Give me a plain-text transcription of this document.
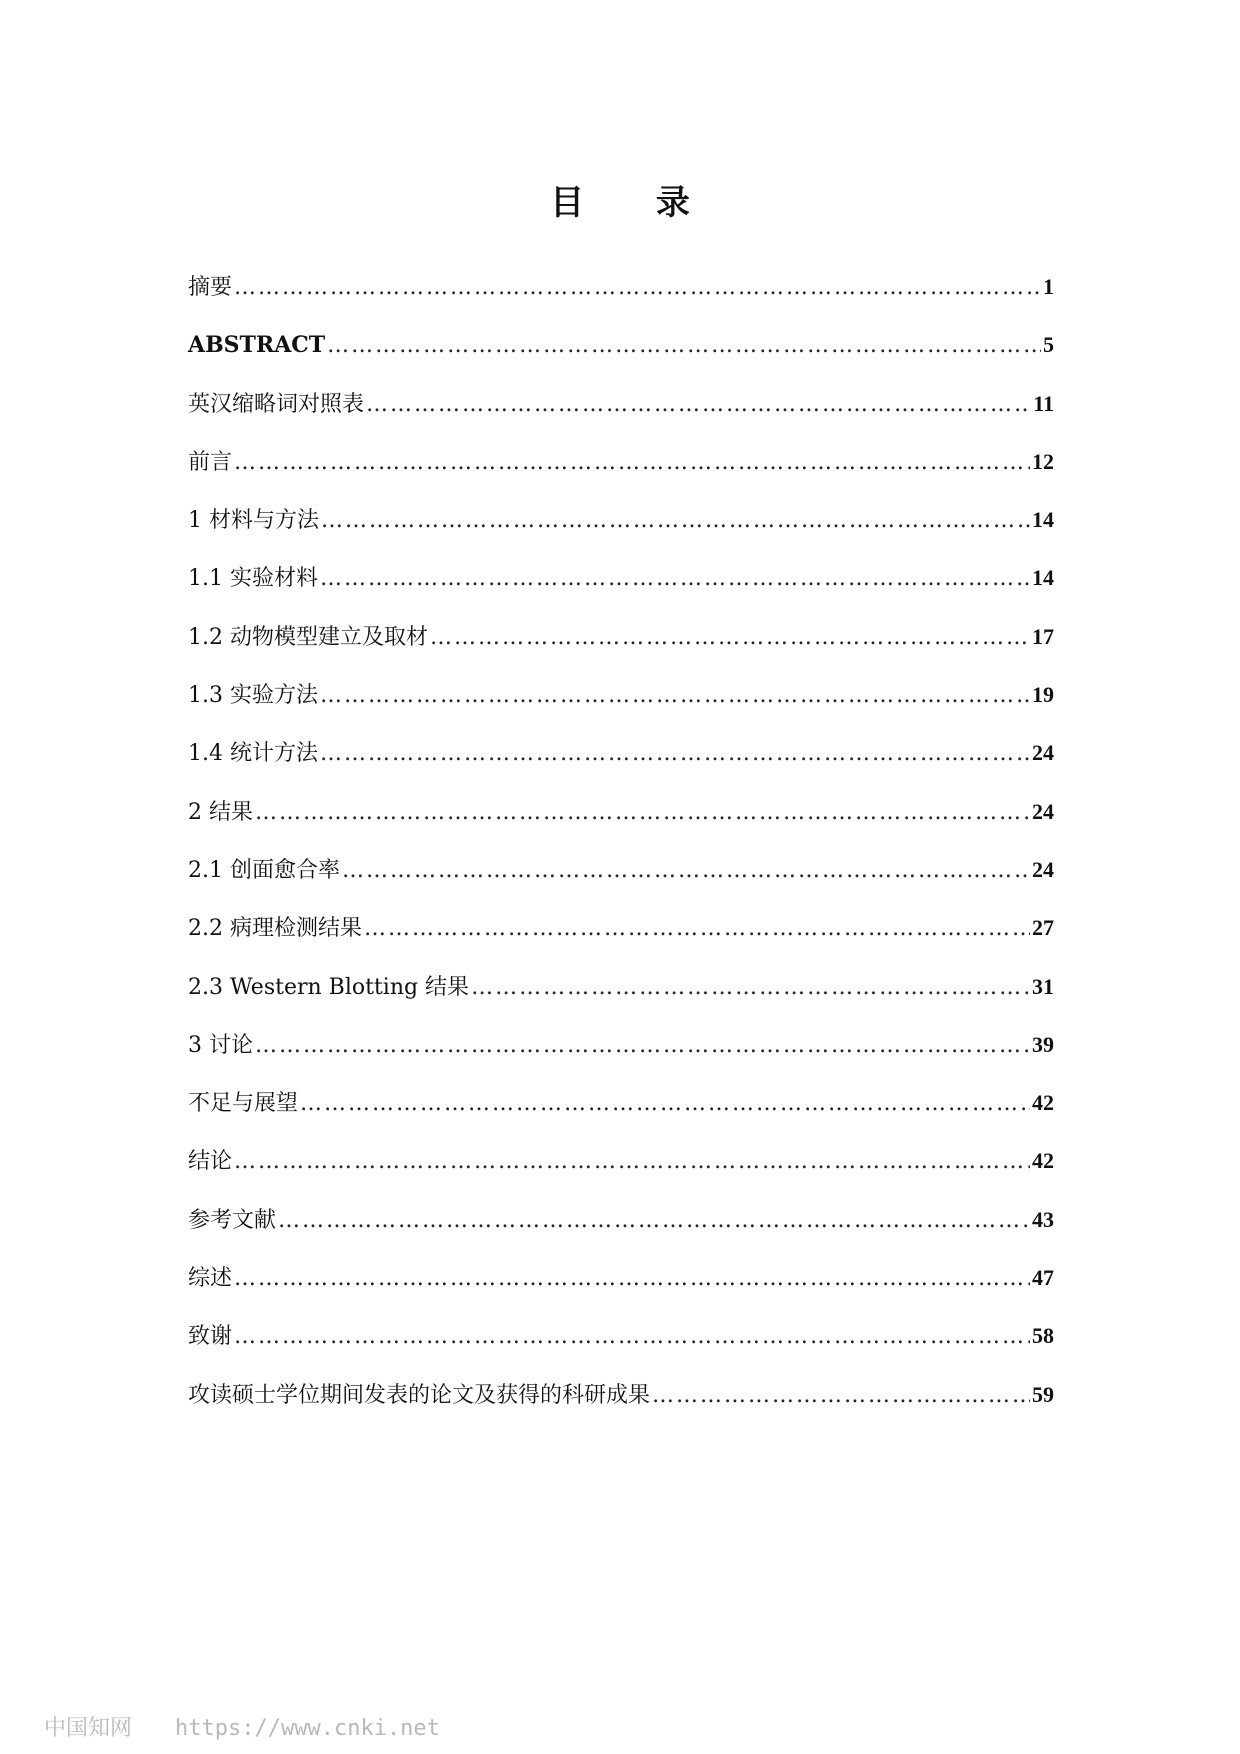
目 录
摘要 …………………………………………………………………………………………………………………………………………………………………………………………………	1
ABSTRACT …………………………………………………………………………………………………………………………………………………………………………………………………	5
英汉缩略词对照表 …………………………………………………………………………………………………………………………………………………………………………………………………	11
前言 …………………………………………………………………………………………………………………………………………………………………………………………………	12
1 材料与方法 …………………………………………………………………………………………………………………………………………………………………………………………………	14
1.1 实验材料 …………………………………………………………………………………………………………………………………………………………………………………………………	14
1.2 动物模型建立及取材 …………………………………………………………………………………………………………………………………………………………………………………………………	17
1.3 实验方法 …………………………………………………………………………………………………………………………………………………………………………………………………	19
1.4 统计方法 …………………………………………………………………………………………………………………………………………………………………………………………………	24
2 结果 …………………………………………………………………………………………………………………………………………………………………………………………………	24
2.1 创面愈合率 …………………………………………………………………………………………………………………………………………………………………………………………………	24
2.2 病理检测结果 …………………………………………………………………………………………………………………………………………………………………………………………………	27
2.3 Western Blotting 结果 …………………………………………………………………………………………………………………………………………………………………………………………………	31
3 讨论 …………………………………………………………………………………………………………………………………………………………………………………………………	39
不足与展望 …………………………………………………………………………………………………………………………………………………………………………………………………	42
结论 …………………………………………………………………………………………………………………………………………………………………………………………………	42
参考文献 …………………………………………………………………………………………………………………………………………………………………………………………………	43
综述 …………………………………………………………………………………………………………………………………………………………………………………………………	47
致谢 …………………………………………………………………………………………………………………………………………………………………………………………………	58
攻读硕士学位期间发表的论文及获得的科研成果 …………………………………………………………………………………………………………………………………………………………………………………………………	59
中国知网 https://www.cnki.net
